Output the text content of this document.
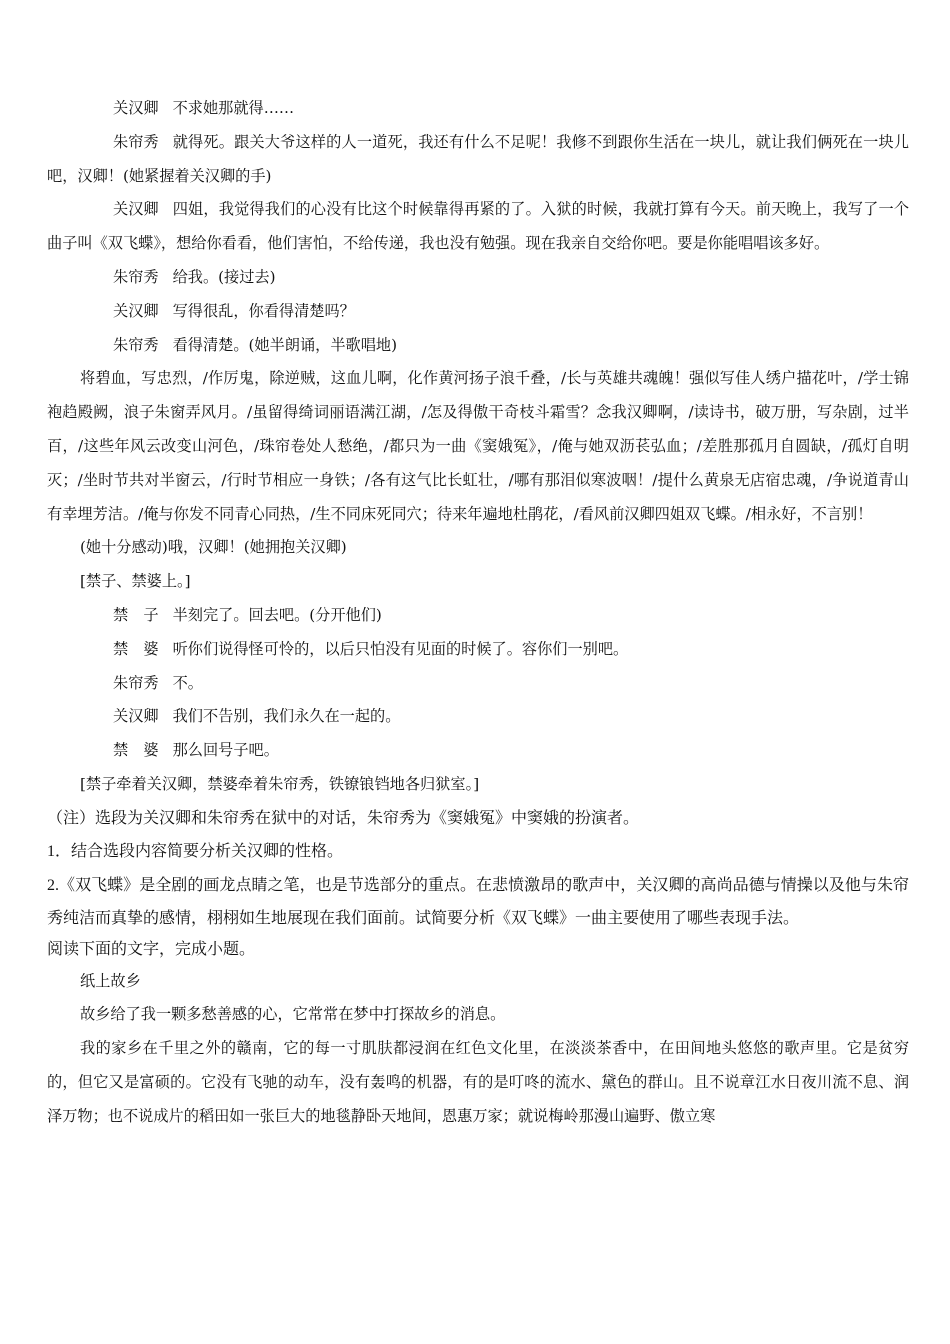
关汉卿 不求她那就得……

朱帘秀 就得死。跟关大爷这样的人一道死，我还有什么不足呢！我修不到跟你生活在一块儿，就让我们俩死在一块儿吧，汉卿！(她紧握着关汉卿的手)

关汉卿 四姐，我觉得我们的心没有比这个时候靠得再紧的了。入狱的时候，我就打算有今天。前天晚上，我写了一个曲子叫《双飞蝶》，想给你看看，他们害怕，不给传递，我也没有勉强。现在我亲自交给你吧。要是你能唱唱该多好。

朱帘秀 给我。(接过去)

关汉卿 写得很乱，你看得清楚吗？

朱帘秀 看得清楚。(她半朗诵，半歌唱地)

将碧血，写忠烈，/作厉鬼，除逆贼，这血儿啊，化作黄河扬子浪千叠，/长与英雄共魂魄！强似写佳人绣户描花叶，/学士锦袍趋殿阙，浪子朱窗弄风月。/虽留得绮词丽语满江湖，/怎及得傲干奇枝斗霜雪？念我汉卿啊，/读诗书，破万册，写杂剧，过半百，/这些年风云改变山河色，/珠帘卷处人愁绝，/都只为一曲《窦娥冤》，/俺与她双沥苌弘血；/差胜那孤月自圆缺，/孤灯自明灭；/坐时节共对半窗云，/行时节相应一身铁；/各有这气比长虹壮，/哪有那泪似寒波咽！/提什么黄泉无店宿忠魂，/争说道青山有幸埋芳洁。/俺与你发不同青心同热，/生不同床死同穴；待来年遍地杜鹃花，/看风前汉卿四姐双飞蝶。/相永好，不言别！

(她十分感动)哦，汉卿！(她拥抱关汉卿)

[禁子、禁婆上。]

禁　子 半刻完了。回去吧。(分开他们)

禁　婆 听你们说得怪可怜的，以后只怕没有见面的时候了。容你们一别吧。

朱帘秀 不。

关汉卿 我们不告别，我们永久在一起的。

禁　婆 那么回号子吧。

[禁子牵着关汉卿，禁婆牵着朱帘秀，铁镣锒铛地各归狱室。]

（注）选段为关汉卿和朱帘秀在狱中的对话，朱帘秀为《窦娥冤》中窦娥的扮演者。

1．结合选段内容简要分析关汉卿的性格。

2.《双飞蝶》是全剧的画龙点睛之笔，也是节选部分的重点。在悲愤激昂的歌声中，关汉卿的高尚品德与情操以及他与朱帘秀纯洁而真挚的感情，栩栩如生地展现在我们面前。试简要分析《双飞蝶》一曲主要使用了哪些表现手法。

阅读下面的文字，完成小题。

纸上故乡

故乡给了我一颗多愁善感的心，它常常在梦中打探故乡的消息。

我的家乡在千里之外的赣南，它的每一寸肌肤都浸润在红色文化里，在淡淡茶香中，在田间地头悠悠的歌声里。它是贫穷的，但它又是富硕的。它没有飞驰的动车，没有轰鸣的机器，有的是叮咚的流水、黛色的群山。且不说章江水日夜川流不息、润泽万物；也不说成片的稻田如一张巨大的地毯静卧天地间，恩惠万家；就说梅岭那漫山遍野、傲立寒
